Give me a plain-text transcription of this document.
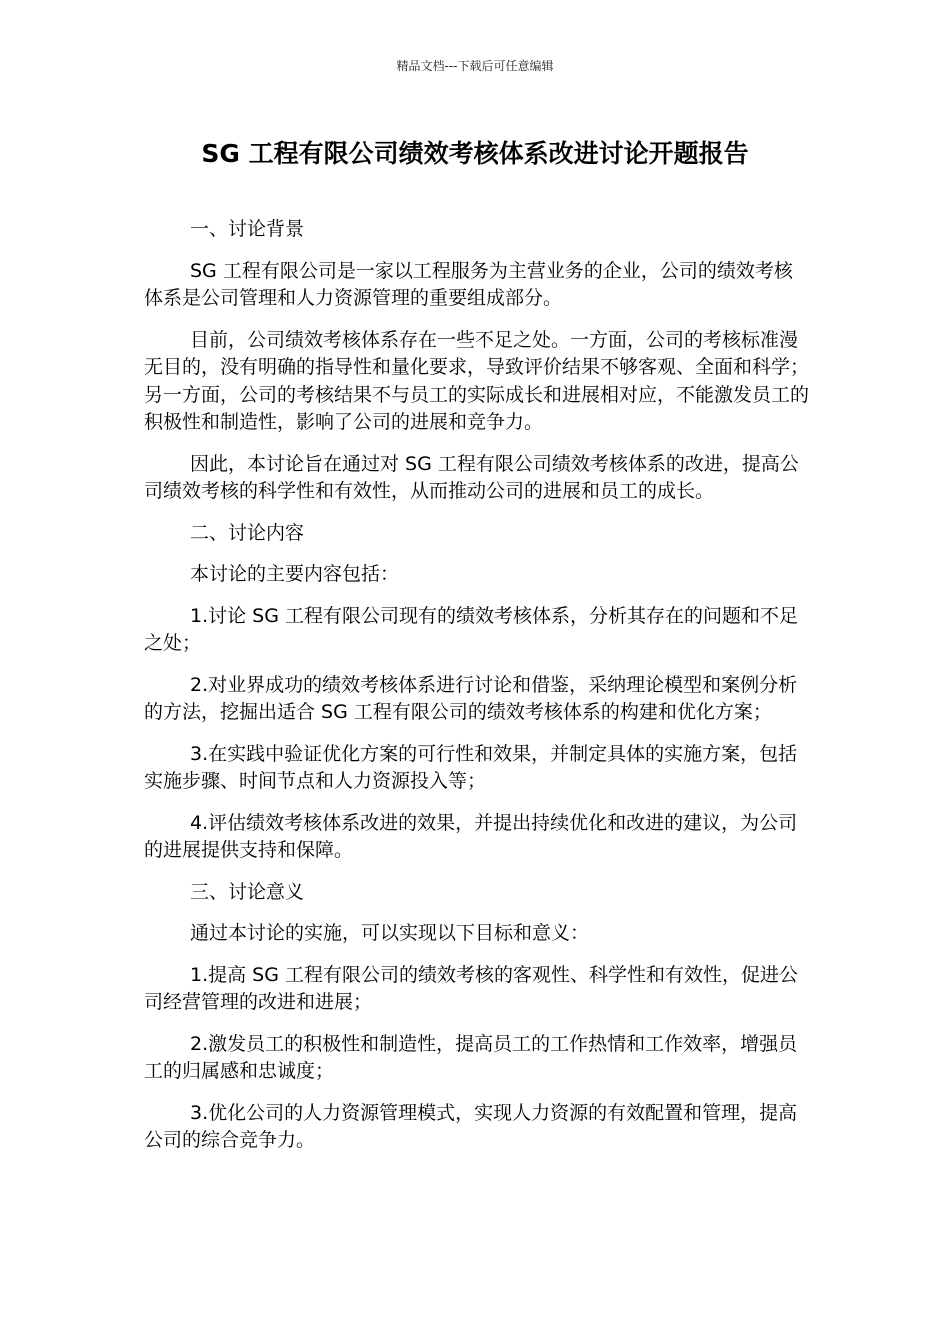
精品文档---下载后可任意编辑
SG 工程有限公司绩效考核体系改进讨论开题报告

一、讨论背景

SG 工程有限公司是一家以工程服务为主营业务的企业，公司的绩效考核体系是公司管理和人力资源管理的重要组成部分。

目前，公司绩效考核体系存在一些不足之处。一方面，公司的考核标准漫无目的，没有明确的指导性和量化要求，导致评价结果不够客观、全面和科学；另一方面，公司的考核结果不与员工的实际成长和进展相对应，不能激发员工的积极性和制造性，影响了公司的进展和竞争力。

因此，本讨论旨在通过对 SG 工程有限公司绩效考核体系的改进，提高公司绩效考核的科学性和有效性，从而推动公司的进展和员工的成长。

二、讨论内容

本讨论的主要内容包括：

1.讨论 SG 工程有限公司现有的绩效考核体系，分析其存在的问题和不足之处；

2.对业界成功的绩效考核体系进行讨论和借鉴，采纳理论模型和案例分析的方法，挖掘出适合 SG 工程有限公司的绩效考核体系的构建和优化方案；

3.在实践中验证优化方案的可行性和效果，并制定具体的实施方案，包括实施步骤、时间节点和人力资源投入等；

4.评估绩效考核体系改进的效果，并提出持续优化和改进的建议，为公司的进展提供支持和保障。

三、讨论意义

通过本讨论的实施，可以实现以下目标和意义：

1.提高 SG 工程有限公司的绩效考核的客观性、科学性和有效性，促进公司经营管理的改进和进展；

2.激发员工的积极性和制造性，提高员工的工作热情和工作效率，增强员工的归属感和忠诚度；

3.优化公司的人力资源管理模式，实现人力资源的有效配置和管理，提高公司的综合竞争力。
